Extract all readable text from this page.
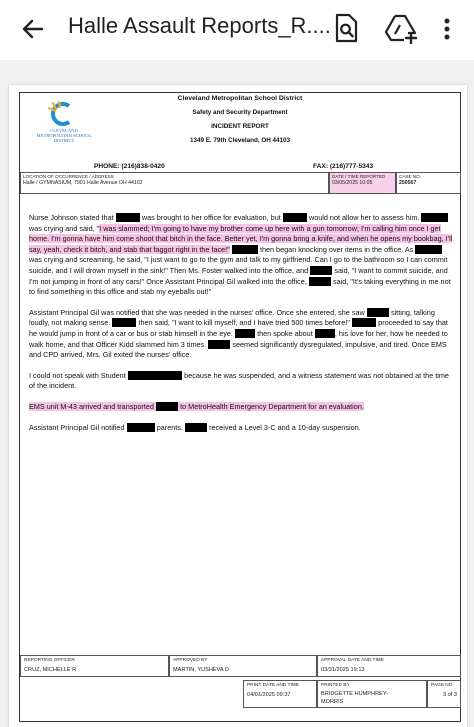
Halle Assault Reports_R....
CLEVELAND METROPOLITAN SCHOOL DISTRICT
Cleveland Metropolitan School District
Safety and Security Department
INCIDENT REPORT
1349 E. 79th Cleveland, OH 44103
PHONE: (216)838-0420	FAX: (216)777-5343
LOCATION OF OCCURRENCE / ADDRESS
Halle / GYMNASIUM, 7901 Halle Avenue OH 44102
DATE / TIME REPORTED
03/05/2025 10:05
CASE NO.
250567

Nurse Johnson stated that	was brought to her office for evaluation, but	would not allow her to assess him.              was crying and said, "I was slammed; I'm going to have my brother come up here with a gun tomorrow; I'm calling him once I get home. I'm gonna have him come shoot that bitch in the face. Better yet, I'm gonna bring a knife, and when he opens my bookbag, I'll say, yeah, check it bitch, and stab that faggot right in the face!"	then began knocking over items in the office. As              was crying and screaming, he said, "I just want to go to the gym and talk to my girlfriend. Can I go to the bathroom so I can commit suicide, and I will drown myself in the sink!" Then Ms. Foster walked into the office, and	said, "I want to commit suicide, and I'm not jumping in front of any cars!" Once Assistant Principal Gil walked into the office,	said, "It's taking everything in me not to find something in this office and stab my eyeballs out!"

Assistant Principal Gil was notified that she was needed in the nurses' office. Once she entered, she saw	sitting, talking loudly, not making sense.	then said, "I want to kill myself, and I have tried 500 times before!"	proceeded to say that he would jump in front of a car or bus or stab himself in the eye.	then spoke about	, his love for her, how he needed to walk home, and that Officer Kidd slammed him 3 times.	seemed significantly dysregulated, impulsive, and tired. Once EMS and CPD arrived, Mrs. Gil exited the nurses' office.

I could not speak with Student	because he was suspended, and a witness statement was not obtained at the time of the incident.

EMS unit M-43 arrived and transported	to MetroHealth Emergency Department for an evaluation.

Assistant Principal Gil notified	parents.	received a Level 3-C and a 10-day suspension.

REPORTING OFFICER
CRUZ, MICHELLE R
APPROVED BY
MARTIN, YUSHEVA D
APPROVAL DATE AND TIME
03/31/2025 19:13
PRINT DATE AND TIME
04/01/2025 09:37
PRINTED BY
BRIDGETTE HUMPHREY-MORRIS
PAGE NO
3 of 3
